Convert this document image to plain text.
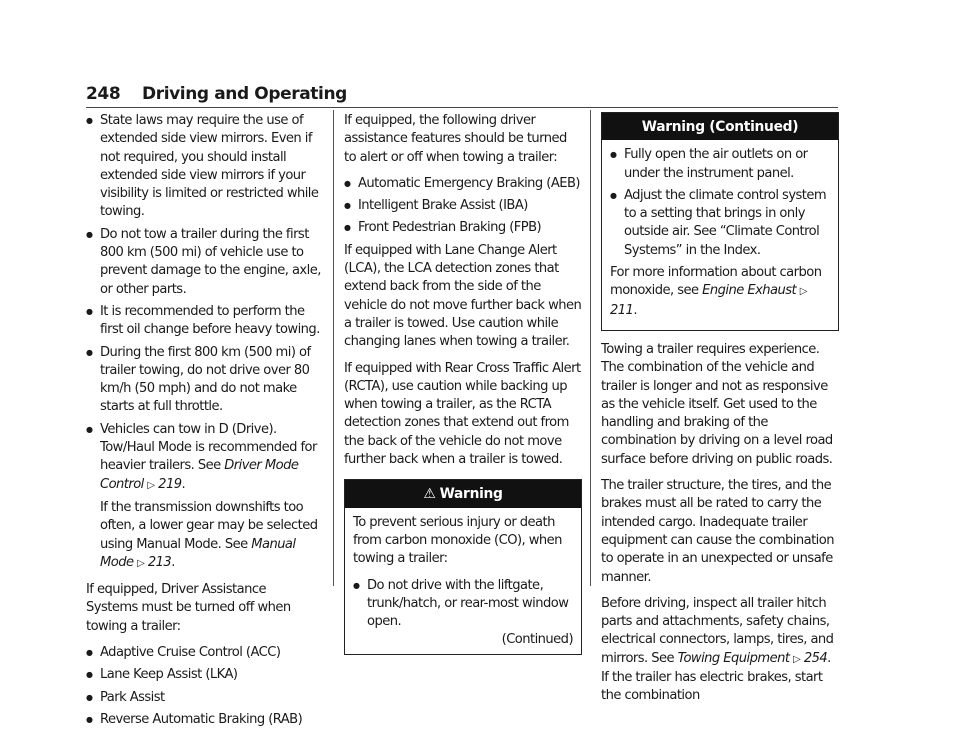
248 Driving and Operating
● State laws may require the use of extended side view mirrors. Even if not required, you should install extended side view mirrors if your visibility is limited or restricted while towing.
● Do not tow a trailer during the first 800 km (500 mi) of vehicle use to prevent damage to the engine, axle, or other parts.
● It is recommended to perform the first oil change before heavy towing.
● During the first 800 km (500 mi) of trailer towing, do not drive over 80 km/h (50 mph) and do not make starts at full throttle.
● Vehicles can tow in D (Drive). Tow/Haul Mode is recommended for heavier trailers. See Driver Mode Control ▷ 219.

If the transmission downshifts too often, a lower gear may be selected using Manual Mode. See Manual Mode ▷ 213.

If equipped, Driver Assistance Systems must be turned off when towing a trailer:

● Adaptive Cruise Control (ACC)
● Lane Keep Assist (LKA)
● Park Assist
● Reverse Automatic Braking (RAB)

If equipped, the following driver assistance features should be turned to alert or off when towing a trailer:

● Automatic Emergency Braking (AEB)
● Intelligent Brake Assist (IBA)
● Front Pedestrian Braking (FPB)

If equipped with Lane Change Alert (LCA), the LCA detection zones that extend back from the side of the vehicle do not move further back when a trailer is towed. Use caution while changing lanes when towing a trailer.

If equipped with Rear Cross Traffic Alert (RCTA), use caution while backing up when towing a trailer, as the RCTA detection zones that extend out from the back of the vehicle do not move further back when a trailer is towed.

⚠ Warning

To prevent serious injury or death from carbon monoxide (CO), when towing a trailer:

● Do not drive with the liftgate, trunk/hatch, or rear-most window open.
(Continued)
Warning (Continued)
● Fully open the air outlets on or under the instrument panel.
● Adjust the climate control system to a setting that brings in only outside air. See “Climate Control Systems” in the Index.

For more information about carbon monoxide, see Engine Exhaust ▷ 211.

Towing a trailer requires experience. The combination of the vehicle and trailer is longer and not as responsive as the vehicle itself. Get used to the handling and braking of the combination by driving on a level road surface before driving on public roads.

The trailer structure, the tires, and the brakes must all be rated to carry the intended cargo. Inadequate trailer equipment can cause the combination to operate in an unexpected or unsafe manner.

Before driving, inspect all trailer hitch parts and attachments, safety chains, electrical connectors, lamps, tires, and mirrors. See Towing Equipment ▷ 254. If the trailer has electric brakes, start the combination
